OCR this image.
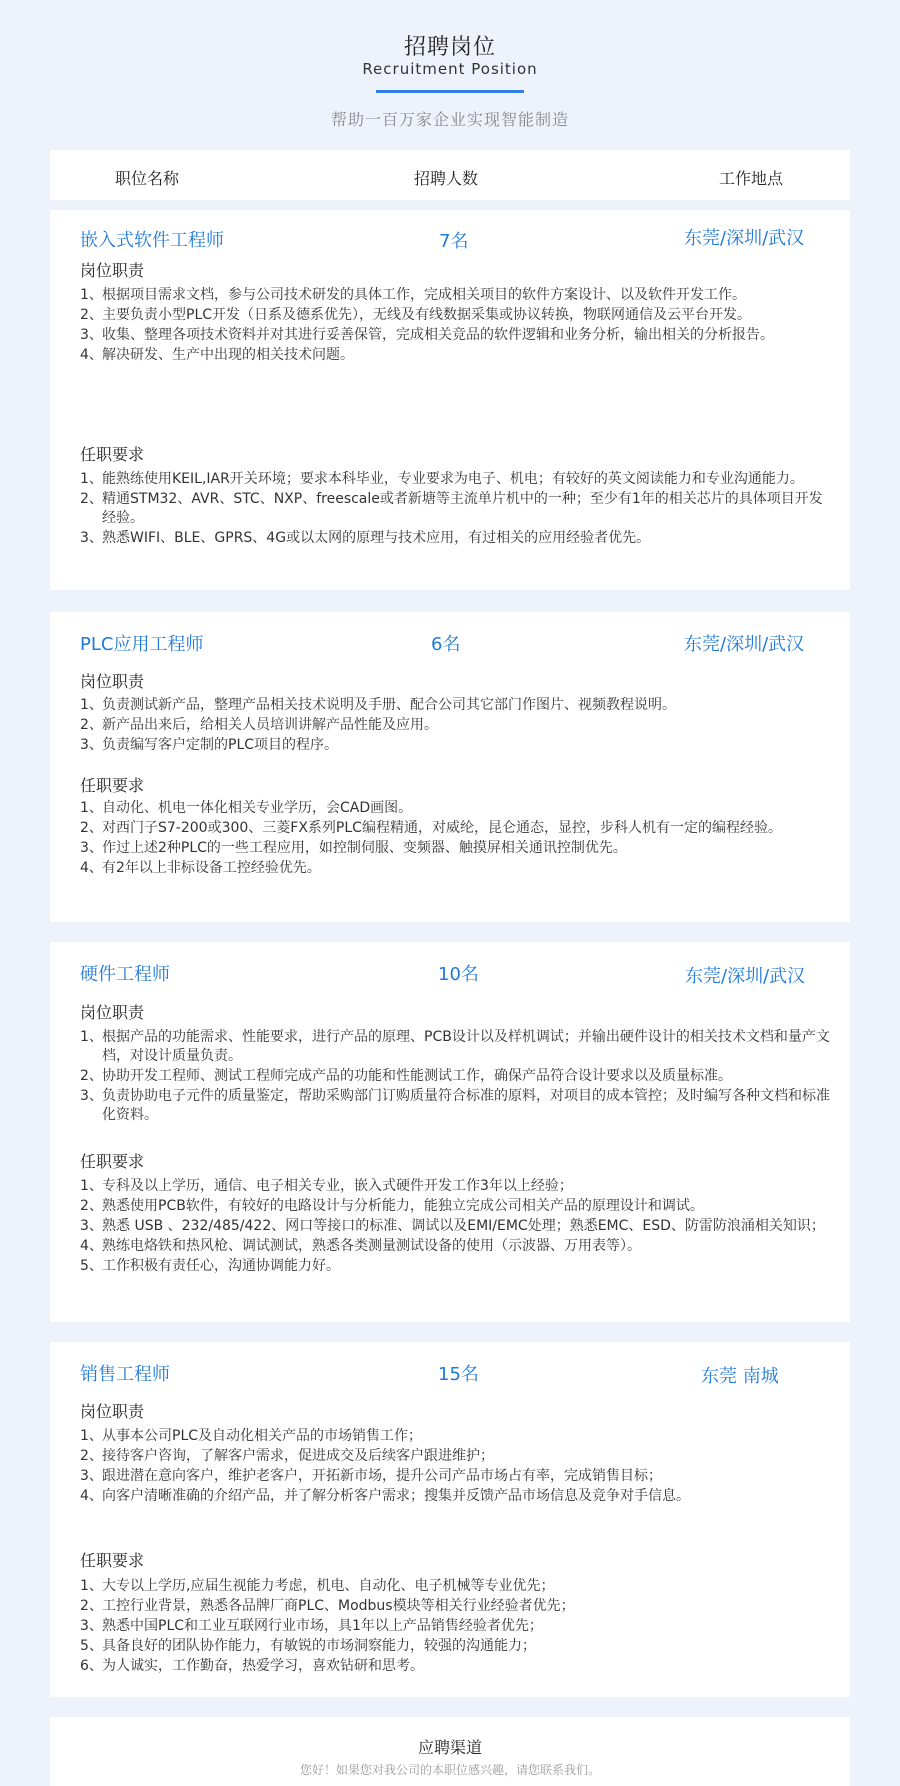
招聘岗位
Recruitment Position
帮助一百万家企业实现智能制造
职位名称	招聘人数	工作地点
嵌入式软件工程师	7名	东莞/深圳/武汉
岗位职责
1、 根据项目需求文档，参与公司技术研发的具体工作，完成相关项目的软件方案设计、以及软件开发工作。
2、 主要负责小型PLC开发（日系及德系优先），无线及有线数据采集或协议转换，物联网通信及云平台开发。
3、 收集、整理各项技术资料并对其进行妥善保管，完成相关竞品的软件逻辑和业务分析，输出相关的分析报告。
4、 解决研发、生产中出现的相关技术问题。
任职要求
1、 能熟练使用KEIL,IAR开关环境；要求本科毕业，专业要求为电子、机电；有较好的英文阅读能力和专业沟通能力。
2、 精通STM32、AVR、STC、NXP、freescale或者新塘等主流单片机中的一种；至少有1年的相关芯片的具体项目开发经验。
3、 熟悉WIFI、BLE、GPRS、4G或以太网的原理与技术应用，有过相关的应用经验者优先。
PLC应用工程师	6名	东莞/深圳/武汉
岗位职责
1、 负责测试新产品，整理产品相关技术说明及手册、配合公司其它部门作图片、视频教程说明。
2、 新产品出来后，给相关人员培训讲解产品性能及应用。
3、 负责编写客户定制的PLC项目的程序。
任职要求
1、 自动化、机电一体化相关专业学历，会CAD画图。
2、 对西门子S7-200或300、三菱FX系列PLC编程精通，对威纶，昆仑通态，显控，步科人机有一定的编程经验。
3、 作过上述2种PLC的一些工程应用，如控制伺服、变频器、触摸屏相关通讯控制优先。
4、 有2年以上非标设备工控经验优先。
硬件工程师	10名	东莞/深圳/武汉
岗位职责
1、 根据产品的功能需求、性能要求，进行产品的原理、PCB设计以及样机调试；并输出硬件设计的相关技术文档和量产文档，对设计质量负责。
2、 协助开发工程师、测试工程师完成产品的功能和性能测试工作，确保产品符合设计要求以及质量标准。
3、 负责协助电子元件的质量鉴定，帮助采购部门订购质量符合标准的原料，对项目的成本管控；及时编写各种文档和标准化资料。
任职要求
1、 专科及以上学历，通信、电子相关专业，嵌入式硬件开发工作3年以上经验；
2、 熟悉使用PCB软件，有较好的电路设计与分析能力，能独立完成公司相关产品的原理设计和调试。
3、 熟悉 USB 、232/485/422、网口等接口的标准、调试以及EMI/EMC处理；熟悉EMC、ESD、防雷防浪涌相关知识；
4、 熟练电烙铁和热风枪、调试测试，熟悉各类测量测试设备的使用（示波器、万用表等）。
5、 工作积极有责任心，沟通协调能力好。
销售工程师	15名	东莞 南城
岗位职责
1、 从事本公司PLC及自动化相关产品的市场销售工作；
2、 接待客户咨询，了解客户需求，促进成交及后续客户跟进维护；
3、 跟进潜在意向客户，维护老客户，开拓新市场，提升公司产品市场占有率，完成销售目标；
4、 向客户清晰准确的介绍产品，并了解分析客户需求；搜集并反馈产品市场信息及竞争对手信息。
任职要求
1、 大专以上学历,应届生视能力考虑，机电、自动化、电子机械等专业优先；
2、 工控行业背景，熟悉各品牌厂商PLC、Modbus模块等相关行业经验者优先；
3、 熟悉中国PLC和工业互联网行业市场，具1年以上产品销售经验者优先；
5、 具备良好的团队协作能力，有敏锐的市场洞察能力，较强的沟通能力；
6、 为人诚实，工作勤奋，热爱学习，喜欢钻研和思考。
应聘渠道
您好！如果您对我公司的本职位感兴趣，请您联系我们。
